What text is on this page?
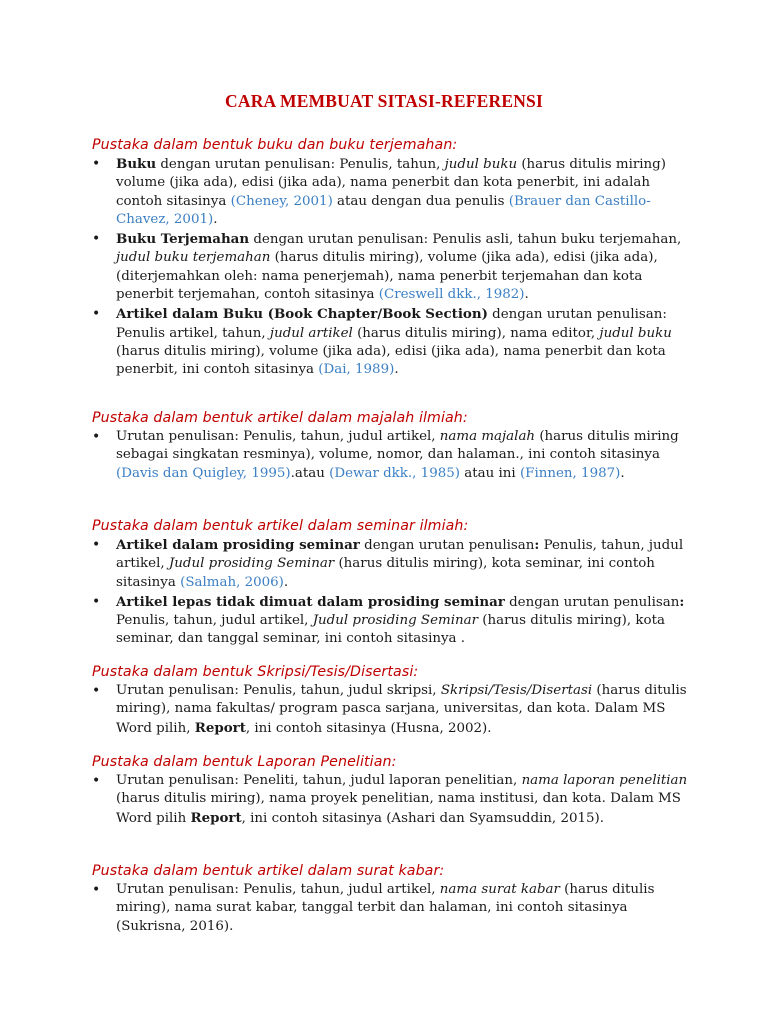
CARA MEMBUAT SITASI-REFERENSI
Pustaka dalam bentuk buku dan buku terjemahan:
• Buku dengan urutan penulisan: Penulis, tahun, judul buku (harus ditulis miring) volume (jika ada), edisi (jika ada), nama penerbit dan kota penerbit, ini adalah contoh sitasinya (Cheney, 2001) atau dengan dua penulis (Brauer dan Castillo-Chavez, 2001).
• Buku Terjemahan dengan urutan penulisan: Penulis asli, tahun buku terjemahan, judul buku terjemahan (harus ditulis miring), volume (jika ada), edisi (jika ada), (diterjemahkan oleh: nama penerjemah), nama penerbit terjemahan dan kota penerbit terjemahan, contoh sitasinya (Creswell dkk., 1982).
• Artikel dalam Buku (Book Chapter/Book Section) dengan urutan penulisan: Penulis artikel, tahun, judul artikel (harus ditulis miring), nama editor, judul buku (harus ditulis miring), volume (jika ada), edisi (jika ada), nama penerbit dan kota penerbit, ini contoh sitasinya (Dai, 1989).
Pustaka dalam bentuk artikel dalam majalah ilmiah:
• Urutan penulisan: Penulis, tahun, judul artikel, nama majalah (harus ditulis miring sebagai singkatan resminya), volume, nomor, dan halaman., ini contoh sitasinya (Davis dan Quigley, 1995).atau (Dewar dkk., 1985) atau ini (Finnen, 1987).
Pustaka dalam bentuk artikel dalam seminar ilmiah:
• Artikel dalam prosiding seminar dengan urutan penulisan: Penulis, tahun, judul artikel, Judul prosiding Seminar (harus ditulis miring), kota seminar, ini contoh sitasinya (Salmah, 2006).
• Artikel lepas tidak dimuat dalam prosiding seminar dengan urutan penulisan: Penulis, tahun, judul artikel, Judul prosiding Seminar (harus ditulis miring), kota seminar, dan tanggal seminar, ini contoh sitasinya .
Pustaka dalam bentuk Skripsi/Tesis/Disertasi:
• Urutan penulisan: Penulis, tahun, judul skripsi, Skripsi/Tesis/Disertasi (harus ditulis miring), nama fakultas/ program pasca sarjana, universitas, dan kota. Dalam MS Word pilih, Report, ini contoh sitasinya (Husna, 2002).
Pustaka dalam bentuk Laporan Penelitian:
• Urutan penulisan: Peneliti, tahun, judul laporan penelitian, nama laporan penelitian (harus ditulis miring), nama proyek penelitian, nama institusi, dan kota. Dalam MS Word pilih Report, ini contoh sitasinya (Ashari dan Syamsuddin, 2015).
Pustaka dalam bentuk artikel dalam surat kabar:
• Urutan penulisan: Penulis, tahun, judul artikel, nama surat kabar (harus ditulis miring), nama surat kabar, tanggal terbit dan halaman, ini contoh sitasinya (Sukrisna, 2016).
